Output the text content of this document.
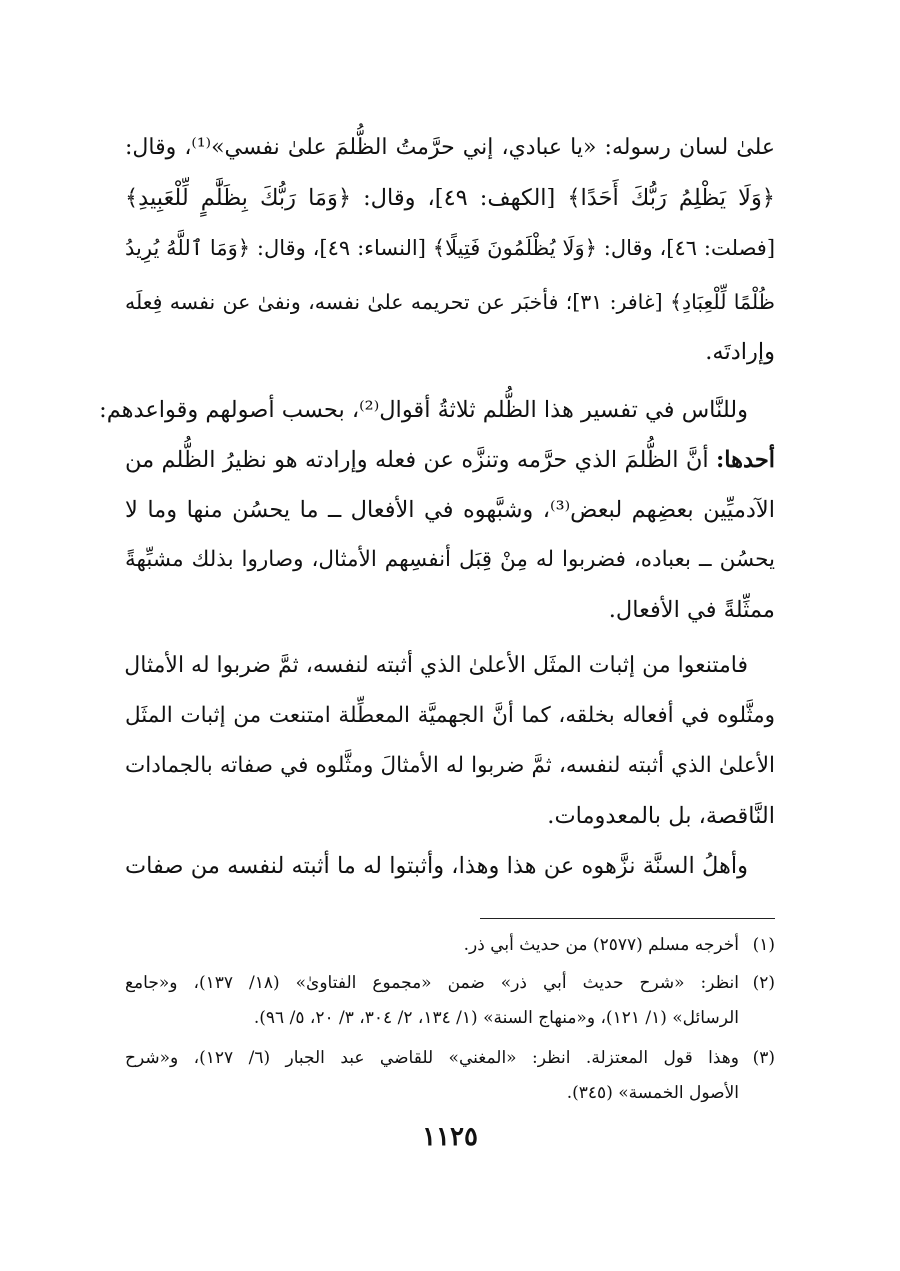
علىٰ لسان رسوله: «يا عبادي، إني حرَّمتُ الظُّلمَ علىٰ نفسي»⁽¹⁾، وقال:
﴿وَلَا يَظْلِمُ رَبُّكَ أَحَدًا﴾ [الكهف: ٤٩]، وقال: ﴿وَمَا رَبُّكَ بِظَلَّٰمٍ لِّلْعَبِيدِ﴾
[فصلت: ٤٦]، وقال: ﴿وَلَا يُظْلَمُونَ فَتِيلًا﴾ [النساء: ٤٩]، وقال: ﴿وَمَا ٱللَّهُ يُرِيدُ
ظُلْمًا لِّلْعِبَادِ﴾ [غافر: ٣١]؛ فأخبَر عن تحريمه علىٰ نفسه، ونفىٰ عن نفسه فِعلَه
وإرادتَه.
وللنَّاس في تفسير هذا الظُّلم ثلاثةُ أقوال⁽²⁾، بحسب أصولهم وقواعدهم:
أحدها: أنَّ الظُّلمَ الذي حرَّمه وتنزَّه عن فعله وإرادته هو نظيرُ الظُّلم من
الآدميِّين بعضِهم لبعض⁽³⁾، وشبَّهوه في الأفعال ــ ما يحسُن منها وما لا
يحسُن ــ بعباده، فضربوا له مِنْ قِبَل أنفسِهم الأمثال، وصاروا بذلك مشبِّهةً
ممثِّلةً في الأفعال.
فامتنعوا من إثبات المثَل الأعلىٰ الذي أثبته لنفسه، ثمَّ ضربوا له الأمثال
ومثَّلوه في أفعاله بخلقه، كما أنَّ الجهميَّة المعطِّلة امتنعت من إثبات المثَل
الأعلىٰ الذي أثبته لنفسه، ثمَّ ضربوا له الأمثالَ ومثَّلوه في صفاته بالجمادات
النَّاقصة، بل بالمعدومات.
وأهلُ السنَّة نزَّهوه عن هذا وهذا، وأثبتوا له ما أثبته لنفسه من صفات
(١)أخرجه مسلم (٢٥٧٧) من حديث أبي ذر.
(٢)انظر: «شرح حديث أبي ذر» ضمن «مجموع الفتاوىٰ» (١٨/ ١٣٧)، و«جامع
الرسائل» (١/ ١٢١)، و«منهاج السنة» (١/ ١٣٤، ٢/ ٣٠٤، ٣/ ٢٠، ٥/ ٩٦).
(٣)وهذا قول المعتزلة. انظر: «المغني» للقاضي عبد الجبار (٦/ ١٢٧)، و«شرح
الأصول الخمسة» (٣٤٥).
١١٢٥
